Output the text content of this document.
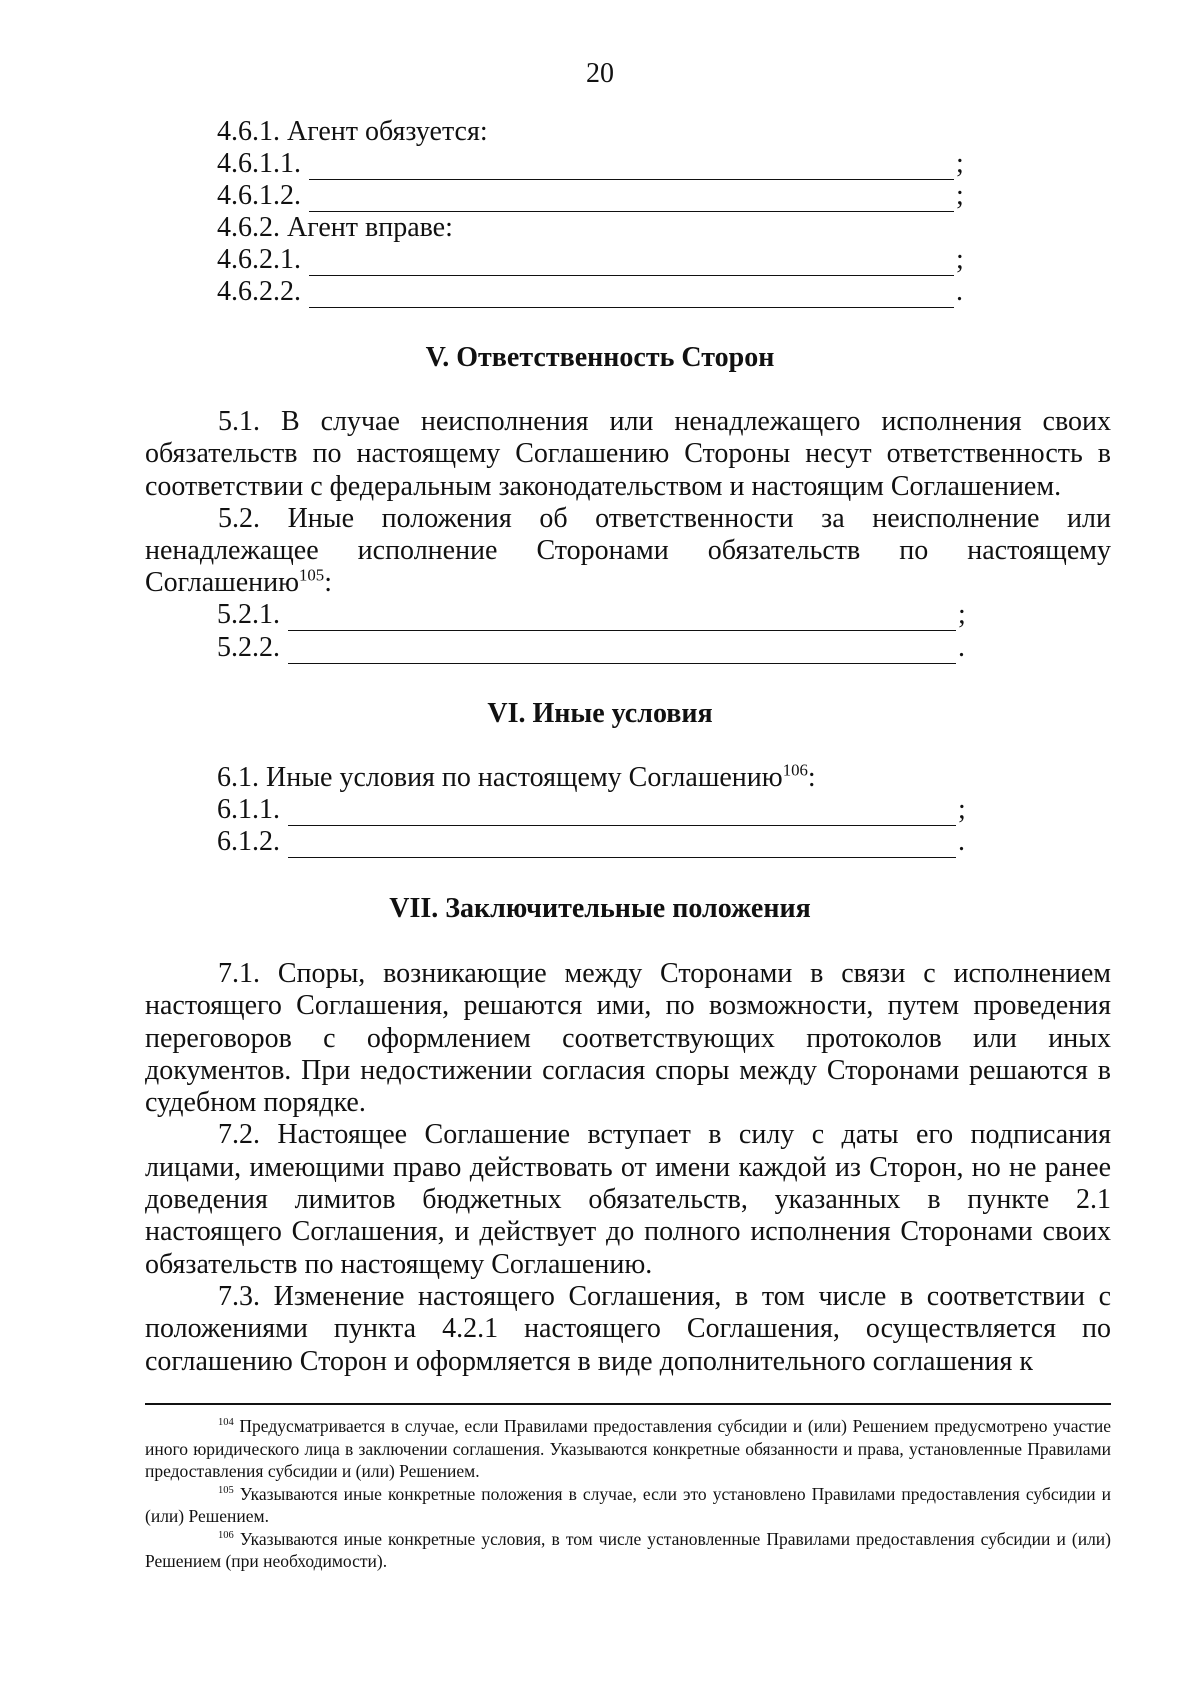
20
4.6.1. Агент обязуется:
4.6.1.1.	;
4.6.1.2.	;
4.6.2. Агент вправе:
4.6.2.1.	;
4.6.2.2.	.
V. Ответственность Сторон

5.1. В случае неисполнения или ненадлежащего исполнения своих обязательств по настоящему Соглашению Стороны несут ответственность в соответствии с федеральным законодательством и настоящим Соглашением.

5.2. Иные положения об ответственности за неисполнение или ненадлежащее исполнение Сторонами обязательств по настоящему Соглашению$^{105}$:

5.2.1.	;
5.2.2.	.
VI. Иные условия
6.1. Иные условия по настоящему Соглашению$^{106}$:
6.1.1.	;
6.1.2.	.
VII. Заключительные положения

7.1. Споры, возникающие между Сторонами в связи с исполнением настоящего Соглашения, решаются ими, по возможности, путем проведения переговоров с оформлением соответствующих протоколов или иных документов. При недостижении согласия споры между Сторонами решаются в судебном порядке.

7.2. Настоящее Соглашение вступает в силу с даты его подписания лицами, имеющими право действовать от имени каждой из Сторон, но не ранее доведения лимитов бюджетных обязательств, указанных в пункте 2.1 настоящего Соглашения, и действует до полного исполнения Сторонами своих обязательств по настоящему Соглашению.

7.3. Изменение настоящего Соглашения, в том числе в соответствии с положениями пункта 4.2.1 настоящего Соглашения, осуществляется по соглашению Сторон и оформляется в виде дополнительного соглашения к

$^{104}$ Предусматривается в случае, если Правилами предоставления субсидии и (или) Решением предусмотрено участие иного юридического лица в заключении соглашения. Указываются конкретные обязанности и права, установленные Правилами предоставления субсидии и (или) Решением.

$^{105}$ Указываются иные конкретные положения в случае, если это установлено Правилами предоставления субсидии и (или) Решением.

$^{106}$ Указываются иные конкретные условия, в том числе установленные Правилами предоставления субсидии и (или) Решением (при необходимости).
